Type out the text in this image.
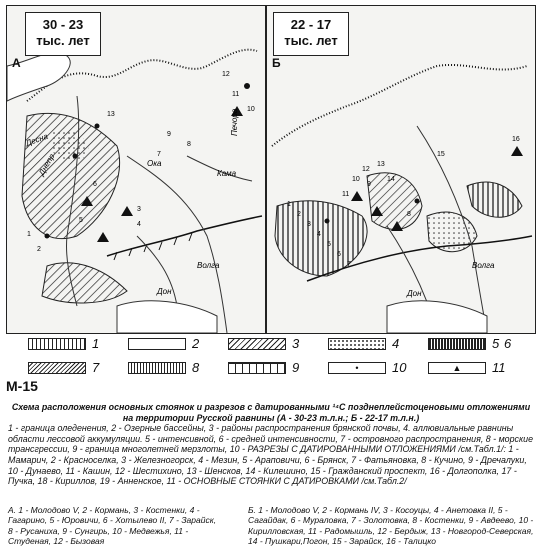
Днепр
Волга
Дон
Кама
Десна
Ока
Печора
1
2
3
4
5
6
7
8
9
10
11
12
13
30 - 23
тыс. лет
А
Волга
Дон
1
2
3
4
5
6
7
8
9
10
11
12
13
14
15
16
22 - 17
тыс. лет
Б
1	2	3	4	5 6
7	8	9	•	10	▲	11
М-15

Схема расположения основных стоянок и разрезов с датированными ¹⁴С позднеплейстоценовыми отложениями на территории Русской равнины (А - 30-23 т.л.н.; Б - 22-17 т.л.н.)

1 - граница оледенения, 2 - Озерные бассейны, 3 - районы распространения брянской почвы, 4. аллювиальные равнины области лессовой аккумуляции. 5 - интенсивной, 6 - средней интенсивности, 7 - островного распространения, 8 - морские трансгрессии, 9 - граница многолетней мерзлоты, 10 - РАЗРЕЗЫ С ДАТИРОВАННЫМИ ОТЛОЖЕНИЯМИ /см.Табл.1/: 1 - Мамарич, 2 - Красноселка, 3 - Железногорск, 4 - Мезин, 5 - Араповичи, 6 - Брянск, 7 - Фатьяновка, 8 - Кучино, 9 - Дречалуки, 10 - Дунаево, 11 - Кашин, 12 - Шестихино, 13 - Шенсков, 14 - Килешино, 15 - Гражданский проспект, 16 - Долгополка, 17 - Пучка, 18 - Кириллов, 19 - Анненское, 11 - ОСНОВНЫЕ СТОЯНКИ С ДАТИРОВКАМИ /см.Табл.2/

А. 1 - Молодово V, 2 - Кормань, 3 - Костенки, 4 - Гагарино, 5 - Юровичи, 6 - Хотылево II, 7 - Зарайск, 8 - Русаниха, 9 - Сунгирь, 10 - Медвежья, 11 - Студеная, 12 - Бызовая
Б. 1 - Молодово V, 2 - Кормань IV, 3 - Косоуцы, 4 - Анетовка II, 5 - Сагайдак, 6 - Мураловка, 7 - Золотовка, 8 - Костенки, 9 - Авдеево, 10 - Кирилловская, 11 - Радомышль, 12 - Бердыж, 13 - Новгород-Северская, 14 - Пушкари,Погон, 15 - Зарайск, 16 - Талицко
